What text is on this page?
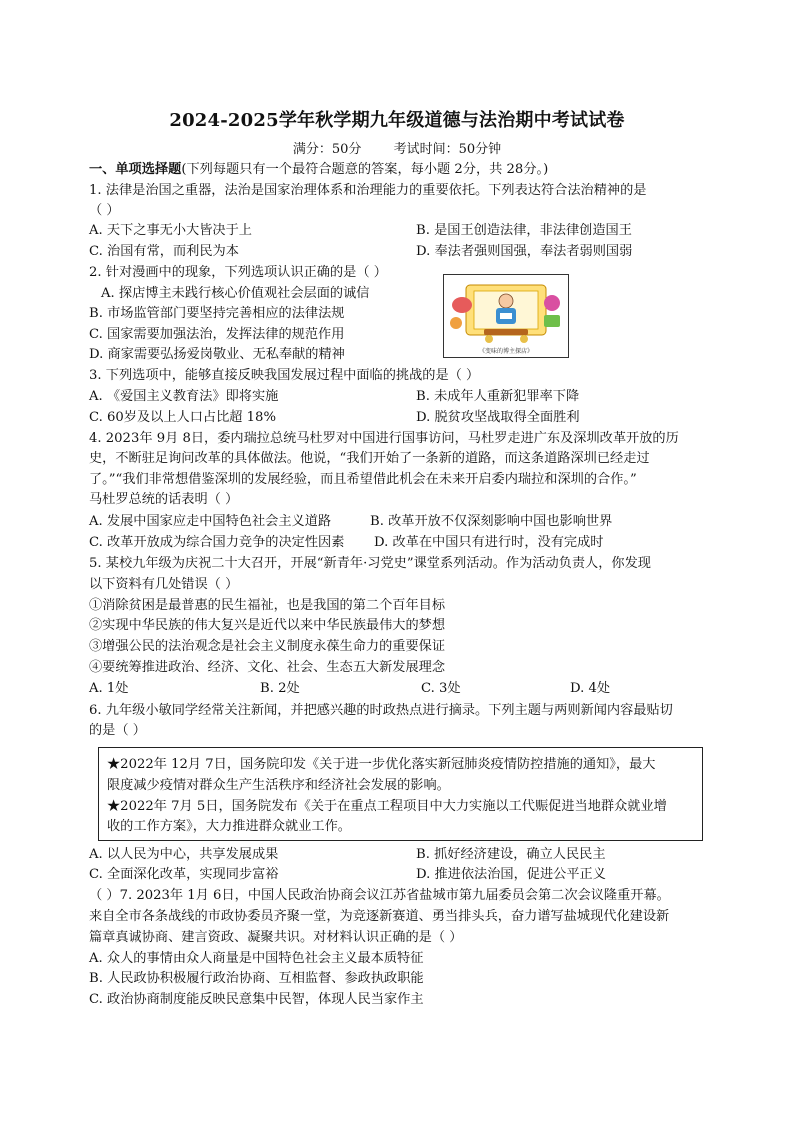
2024-2025学年秋学期九年级道德与法治期中考试试卷
满分：50分 考试时间：50分钟
一、单项选择题(下列每题只有一个最符合题意的答案，每小题 2分，共 28分。)
1. 法律是治国之重器，法治是国家治理体系和治理能力的重要依托。下列表达符合法治精神的是
（ ）
A. 天下之事无小大皆决于上	B. 是国王创造法律，非法律创造国王
C. 治国有常，而利民为本	D. 奉法者强则国强，奉法者弱则国弱
2. 针对漫画中的现象，下列选项认识正确的是（ ）
A. 探店博主未践行核心价值观社会层面的诚信
B. 市场监管部门要坚持完善相应的法律法规
C. 国家需要加强法治，发挥法律的规范作用
D. 商家需要弘扬爱岗敬业、无私奉献的精神	《变味的博主探店》
3. 下列选项中，能够直接反映我国发展过程中面临的挑战的是（ ）
A. 《爱国主义教育法》即将实施	B. 未成年人重新犯罪率下降
C. 60岁及以上人口占比超 18%	D. 脱贫攻坚战取得全面胜利
4. 2023年 9月 8日，委内瑞拉总统马杜罗对中国进行国事访问，马杜罗走进广东及深圳改革开放的历
史，不断驻足询问改革的具体做法。他说，“我们开始了一条新的道路，而这条道路深圳已经走过
了。”“我们非常想借鉴深圳的发展经验，而且希望借此机会在未来开启委内瑞拉和深圳的合作。”
马杜罗总统的话表明（ ）
A. 发展中国家应走中国特色社会主义道路	B. 改革开放不仅深刻影响中国也影响世界
C. 改革开放成为综合国力竞争的决定性因素 D. 改革在中国只有进行时，没有完成时
5. 某校九年级为庆祝二十大召开，开展“新青年·习党史”课堂系列活动。作为活动负责人，你发现
以下资料有几处错误（ ）
①消除贫困是最普惠的民生福祉，也是我国的第二个百年目标
②实现中华民族的伟大复兴是近代以来中华民族最伟大的梦想
③增强公民的法治观念是社会主义制度永葆生命力的重要保证
④要统筹推进政治、经济、文化、社会、生态五大新发展理念
A. 1处	B. 2处	C. 3处	D. 4处
6. 九年级小敏同学经常关注新闻，并把感兴趣的时政热点进行摘录。下列主题与两则新闻内容最贴切
的是（ ）
★2022年 12月 7日，国务院印发《关于进一步优化落实新冠肺炎疫情防控措施的通知》，最大
限度减少疫情对群众生产生活秩序和经济社会发展的影响。
★2022年 7月 5日，国务院发布《关于在重点工程项目中大力实施以工代赈促进当地群众就业增
收的工作方案》，大力推进群众就业工作。
A. 以人民为中心，共享发展成果	B. 抓好经济建设，确立人民民主
C. 全面深化改革，实现同步富裕	D. 推进依法治国，促进公平正义
（ ）7. 2023年 1月 6日，中国人民政治协商会议江苏省盐城市第九届委员会第二次会议隆重开幕。
来自全市各条战线的市政协委员齐聚一堂，为竞逐新赛道、勇当排头兵，奋力谱写盐城现代化建设新
篇章真诚协商、建言资政、凝聚共识。对材料认识正确的是（ ）
A. 众人的事情由众人商量是中国特色社会主义最本质特征
B. 人民政协积极履行政治协商、互相监督、参政执政职能
C. 政治协商制度能反映民意集中民智，体现人民当家作主
